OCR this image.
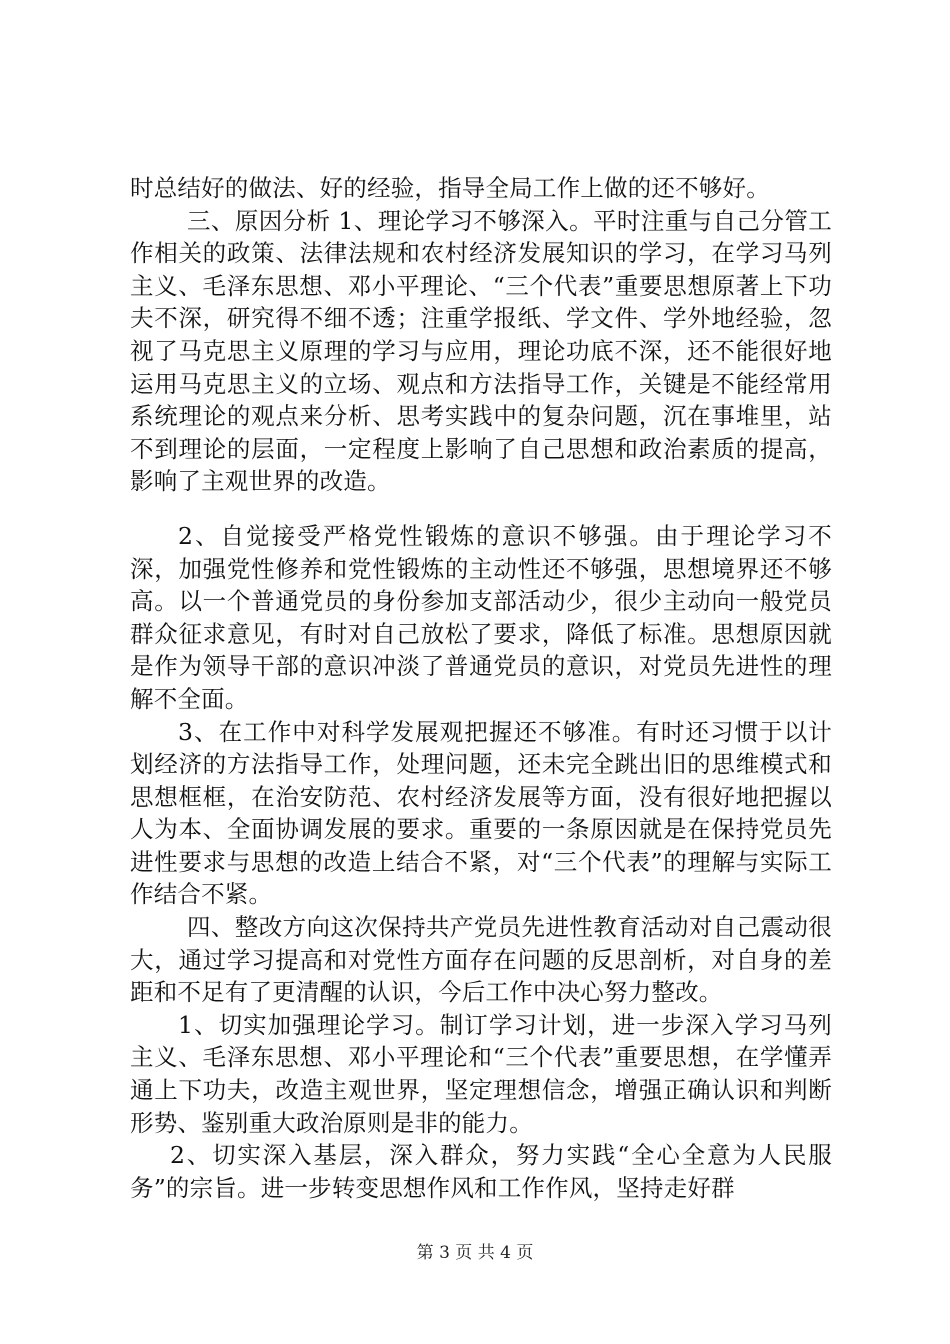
时总结好的做法、好的经验，指导全局工作上做的还不够好。

三、原因分析 1、理论学习不够深入。平时注重与自己分管工作相关的政策、法律法规和农村经济发展知识的学习，在学习马列主义、毛泽东思想、邓小平理论、“三个代表”重要思想原著上下功夫不深，研究得不细不透；注重学报纸、学文件、学外地经验，忽视了马克思主义原理的学习与应用，理论功底不深，还不能很好地运用马克思主义的立场、观点和方法指导工作，关键是不能经常用系统理论的观点来分析、思考实践中的复杂问题，沉在事堆里，站不到理论的层面，一定程度上影响了自己思想和政治素质的提高，影响了主观世界的改造。

2、自觉接受严格党性锻炼的意识不够强。由于理论学习不深，加强党性修养和党性锻炼的主动性还不够强，思想境界还不够高。以一个普通党员的身份参加支部活动少，很少主动向一般党员群众征求意见，有时对自己放松了要求，降低了标准。思想原因就是作为领导干部的意识冲淡了普通党员的意识，对党员先进性的理解不全面。

3、在工作中对科学发展观把握还不够准。有时还习惯于以计划经济的方法指导工作，处理问题，还未完全跳出旧的思维模式和思想框框，在治安防范、农村经济发展等方面，没有很好地把握以人为本、全面协调发展的要求。重要的一条原因就是在保持党员先进性要求与思想的改造上结合不紧，对“三个代表”的理解与实际工作结合不紧。

四、整改方向这次保持共产党员先进性教育活动对自己震动很大，通过学习提高和对党性方面存在问题的反思剖析，对自身的差距和不足有了更清醒的认识，今后工作中决心努力整改。

1、切实加强理论学习。制订学习计划，进一步深入学习马列主义、毛泽东思想、邓小平理论和“三个代表”重要思想，在学懂弄通上下功夫，改造主观世界，坚定理想信念，增强正确认识和判断形势、鉴别重大政治原则是非的能力。

2、切实深入基层，深入群众，努力实践“全心全意为人民服务”的宗旨。进一步转变思想作风和工作作风，坚持走好群

第 3 页 共 4 页
